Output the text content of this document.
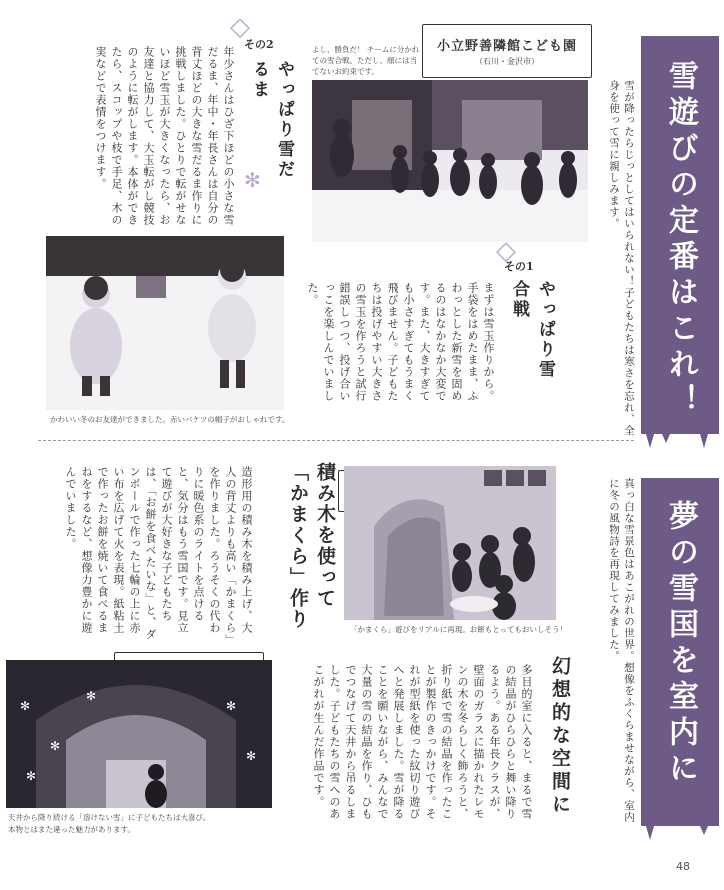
雪遊びの定番はこれ！
雪が降ったらじっとしてはいられない！子どもたちは寒さを忘れ、全身を使って雪に親しみます。
夢の雪国を室内に
真っ白な雪景色はあこがれの世界。想像をふくらませながら、室内に冬の風物詩を再現してみました。
よし、勝負だ！ チームに分かれての雪合戦。ただし、顔には当てないお約束です。
小立野善隣館こども園
（石川・金沢市）
◇
その1
やっぱり雪合戦
まずは雪玉作りから。手袋をはめたまま、ふわっとした新雪を固めるのはなかなか大変です。また、大きすぎても小さすぎてもうまく飛びません。子どもたちは投げやすい大きさの雪玉を作ろうと試行錯誤しつつ、投げ合いっこを楽しんでいました。
◇
その2
やっぱり雪だるま
✻
年少さんはひざ下ほどの小さな雪だるま、年中・年長さんは自分の背丈ほどの大きな雪だるま作りに挑戦しました。ひとりで転がせないほど雪玉が大きくなったら、お友達と協力して、大玉転がし競技のように転がします。本体ができたら、スコップや枝で手足、木の実などで表情をつけます。
かわいい冬のお友達ができました。赤いバケツの帽子がおしゃれです。
「かまくら」遊びをリアルに再現。お餅もとってもおいしそう！
積み木を使って「かまくら」作り
造形用の積み木を積み上げ、大人の背丈よりも高い「かまくら」を作りました。ろうそくの代わりに暖色系のライトを点けると、気分はもう雪国です。見立て遊びが大好きな子どもたちは、「お餅を食べたいな」と、ダンボールで作った七輪の上に赤い布を広げて火を表現。紙粘土で作ったお餅を焼いて食べるまねをするなど、想像力豊かに遊んでいました。
✻
✻
✻
✻
✻
✻
天井から降り続ける「溶けない雪」に子どもたちは大喜び。
本物とはまた違った魅力があります。
幻想的な空間に
多目的室に入ると、まるで雪の結晶がひらひらと舞い降りるよう。ある年長クラスが、壁面のガラスに描かれたレモンの木を冬らしく飾ろうと、折り紙で雪の結晶を作ったことが製作のきっかけです。それが型紙を使った紋切り遊びへと発展しました。雪が降ることを願いながら、みんなで大量の雪の結晶を作り、ひもでつなげて天井から吊るしました。子どもたちの雪へのあこがれが生んだ作品です。
48
